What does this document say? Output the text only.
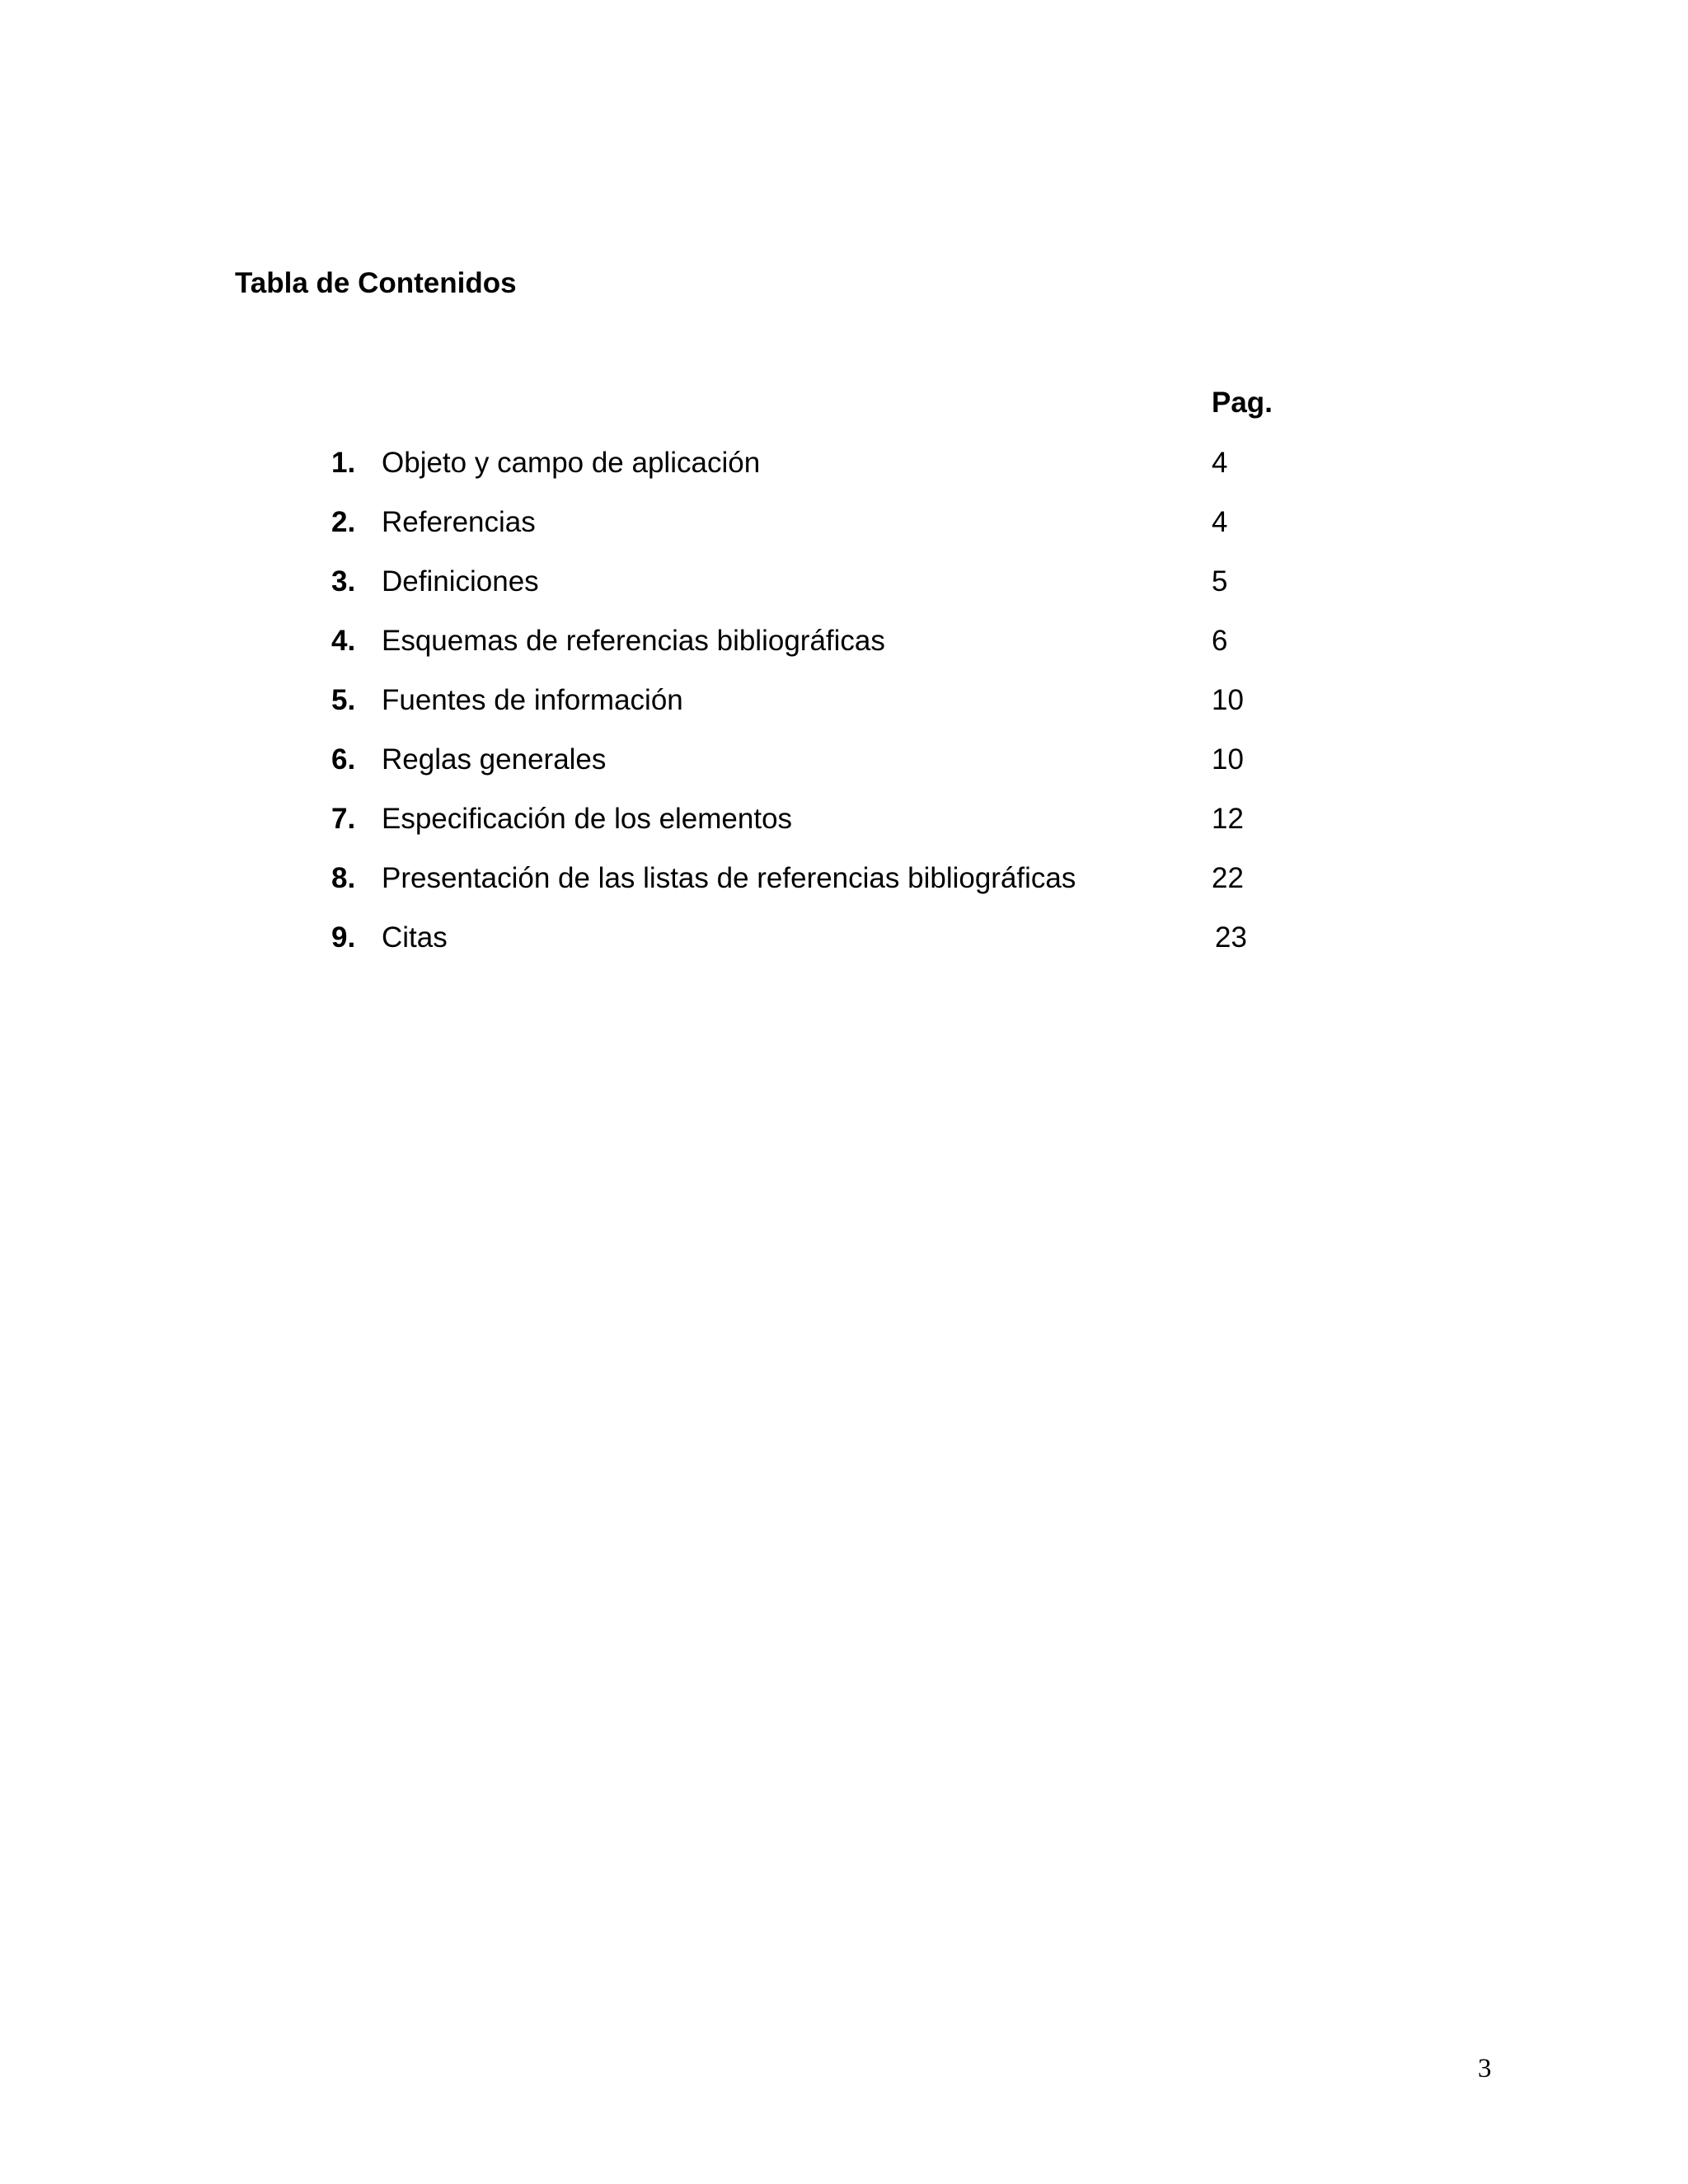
Tabla de Contenidos
Pag.
1. Objeto y campo de aplicación	4
2. Referencias	4
3. Definiciones	5
4. Esquemas de referencias bibliográficas	6
5. Fuentes de información	10
6. Reglas generales	10
7. Especificación de los elementos	12
8. Presentación de las listas de referencias bibliográficas	22
9. Citas	23
3
